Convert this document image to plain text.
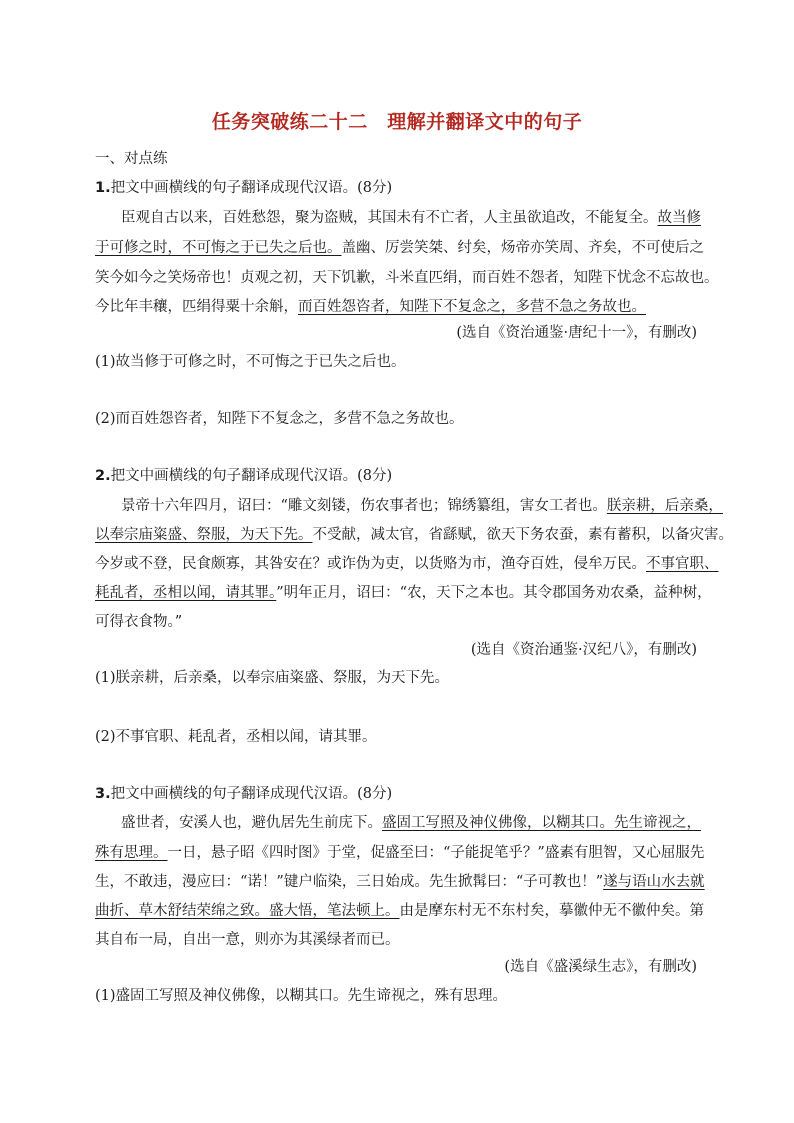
任务突破练二十二　理解并翻译文中的句子
一、对点练
1.把文中画横线的句子翻译成现代汉语。(8分)
臣观自古以来，百姓愁怨，聚为盗贼，其国未有不亡者，人主虽欲追改，不能复全。故当修
于可修之时，不可悔之于已失之后也。盖幽、厉尝笑桀、纣矣，炀帝亦笑周、齐矣，不可使后之
笑今如今之笑炀帝也！贞观之初，天下饥歉，斗米直匹绢，而百姓不怨者，知陛下忧念不忘故也。
今比年丰穰，匹绢得粟十余斛，而百姓怨咨者，知陛下不复念之，多营不急之务故也。
(选自《资治通鉴·唐纪十一》，有删改)
(1)故当修于可修之时，不可悔之于已失之后也。
(2)而百姓怨咨者，知陛下不复念之，多营不急之务故也。
2.把文中画横线的句子翻译成现代汉语。(8分)
景帝十六年四月，诏曰：“雕文刻镂，伤农事者也；锦绣纂组，害女工者也。朕亲耕，后亲桑，
以奉宗庙粢盛、祭服，为天下先。不受献，减太官，省繇赋，欲天下务农蚕，素有蓄积，以备灾害。
今岁或不登，民食颇寡，其咎安在？或诈伪为吏，以货赂为市，渔夺百姓，侵牟万民。不事官职、
耗乱者，丞相以闻，请其罪。”明年正月，诏曰：“农，天下之本也。其令郡国务劝农桑，益种树，
可得衣食物。”
(选自《资治通鉴·汉纪八》，有删改)
(1)朕亲耕，后亲桑，以奉宗庙粢盛、祭服，为天下先。
(2)不事官职、耗乱者，丞相以闻，请其罪。
3.把文中画横线的句子翻译成现代汉语。(8分)
盛世者，安溪人也，避仇居先生前庑下。盛固工写照及神仪佛像，以糊其口。先生谛视之，
殊有思理。一日，悬子昭《四时图》于堂，促盛至曰：“子能捉笔乎？”盛素有胆智，又心屈服先
生，不敢违，漫应曰：“诺！”键户临染，三日始成。先生掀髯曰：“子可教也！”遂与语山水去就
曲折、草木舒结荣绵之致。盛大悟，笔法顿上。由是摩东村无不东村矣，摹徽仲无不徽仲矣。第
其自布一局，自出一意，则亦为其溪绿者而已。
(选自《盛溪绿生志》，有删改)
(1)盛固工写照及神仪佛像，以糊其口。先生谛视之，殊有思理。
